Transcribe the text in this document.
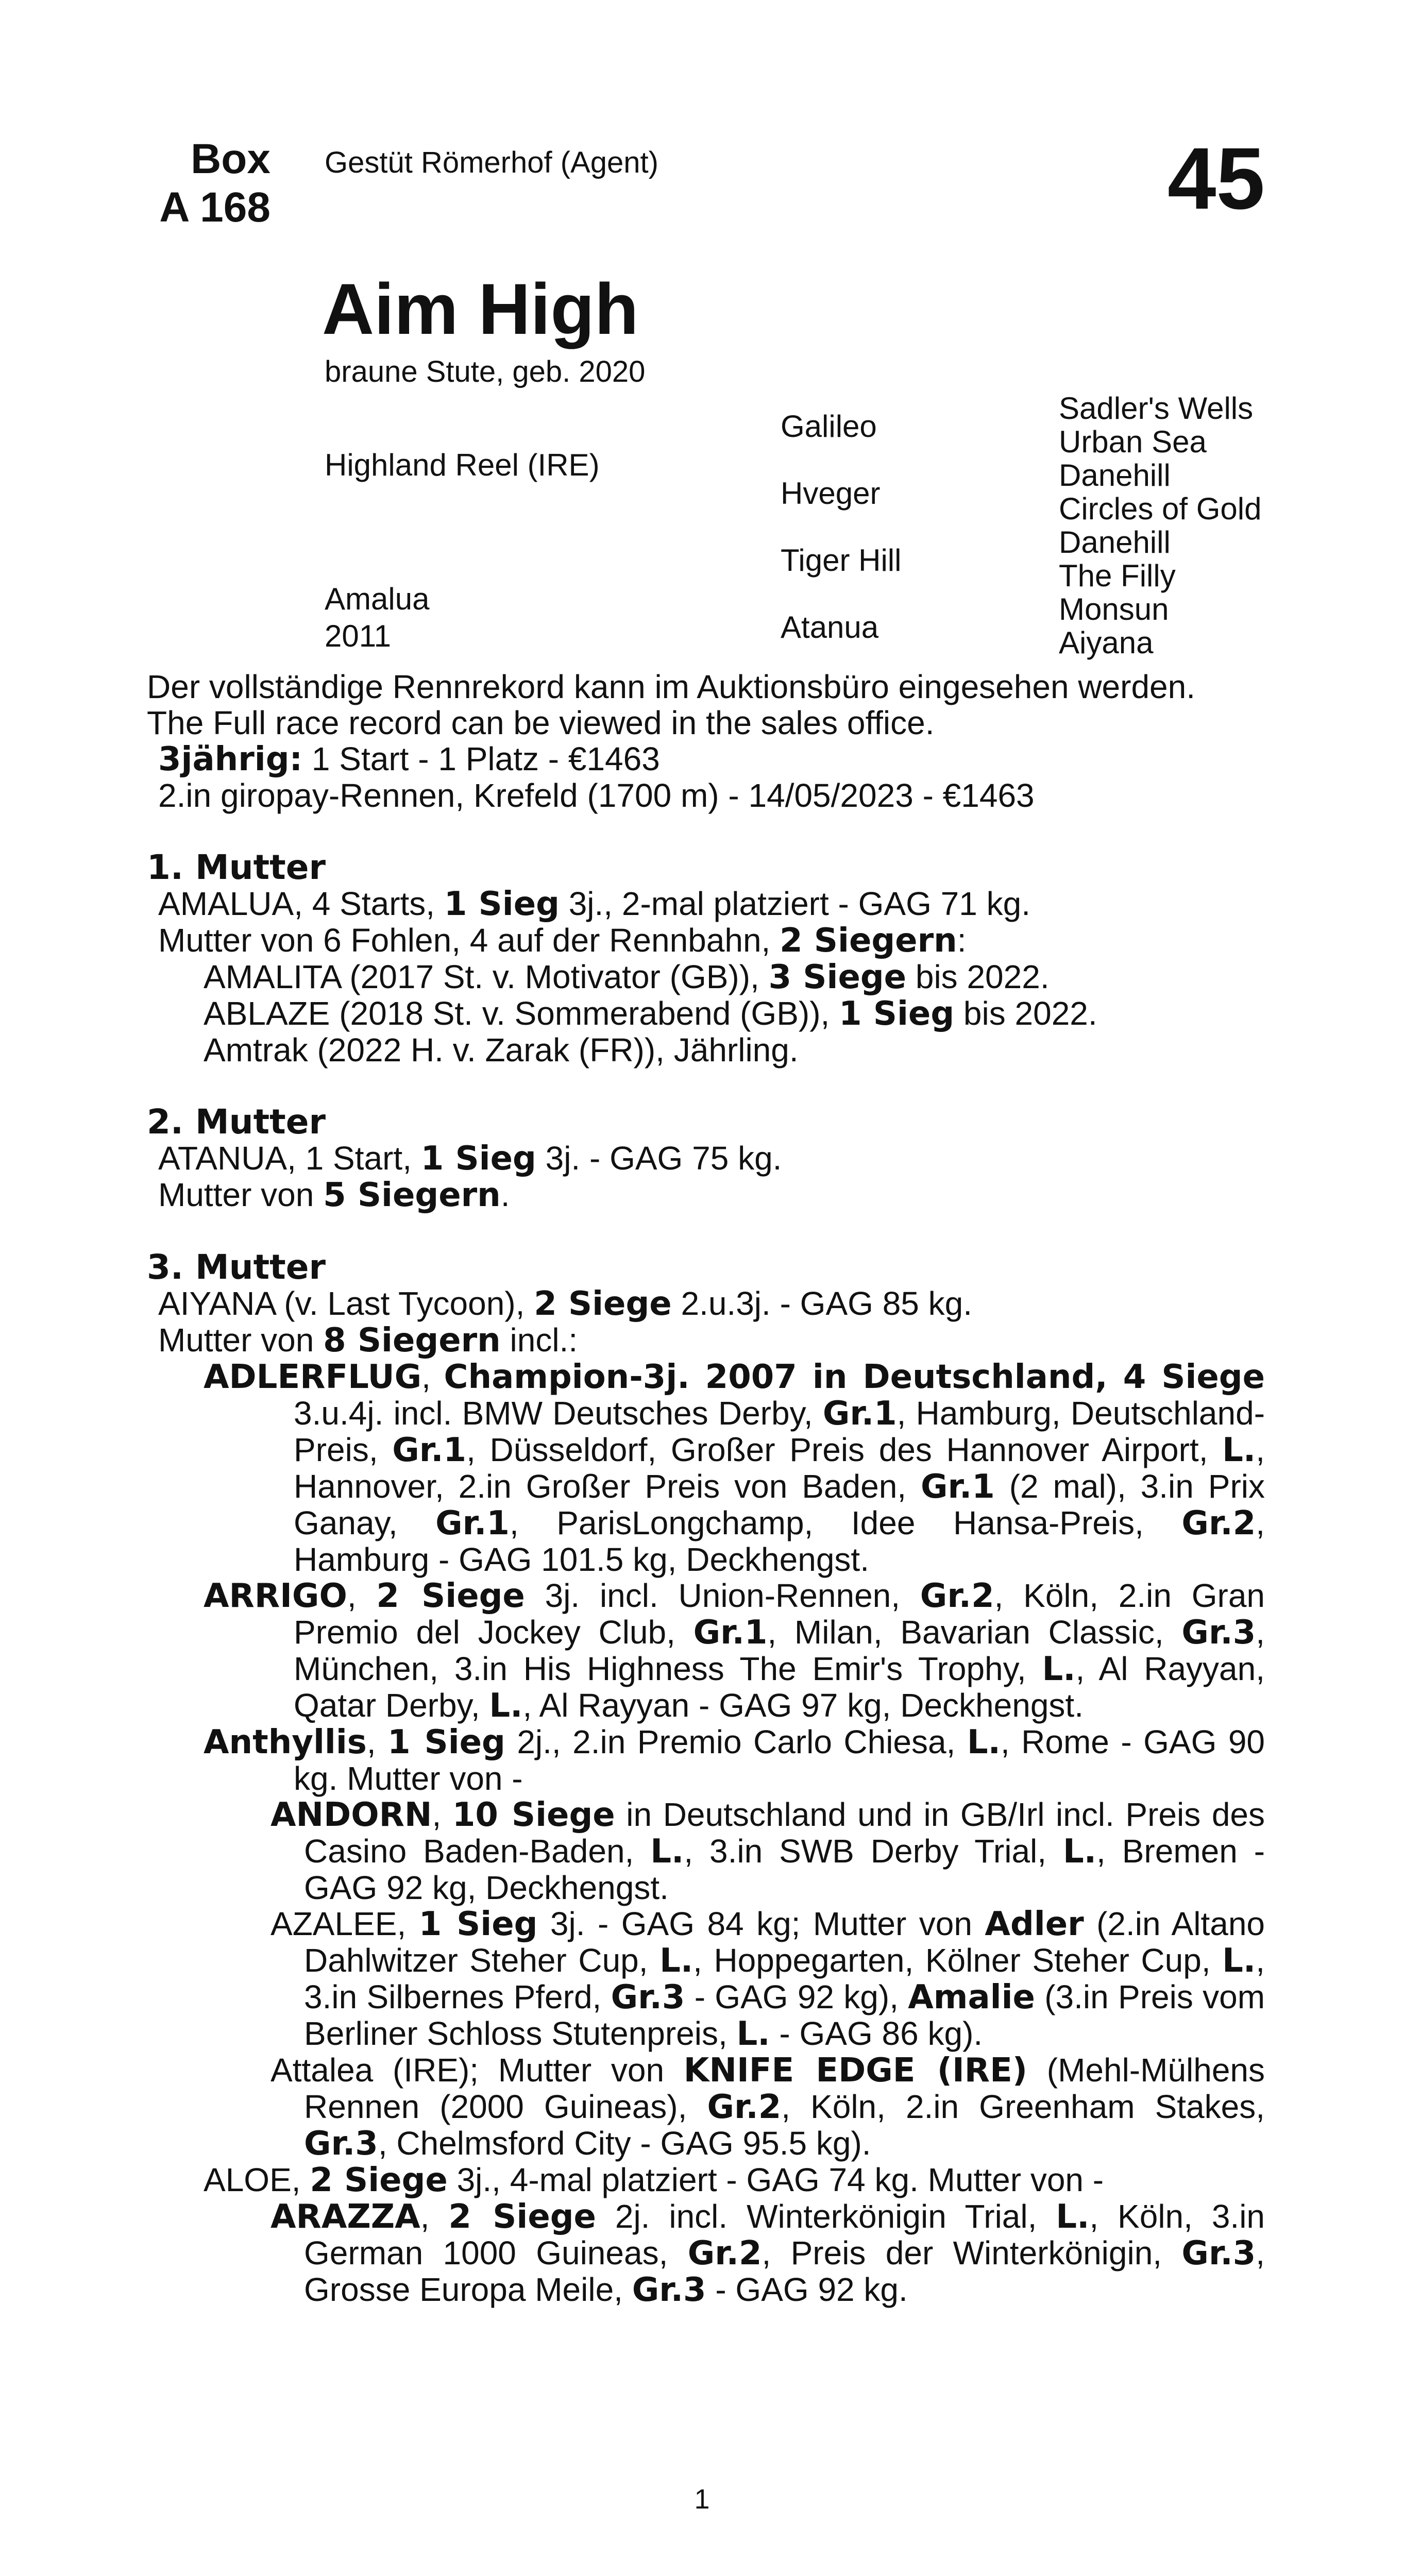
Box
A 168
Gestüt Römerhof (Agent)	45
Aim High
braune Stute, geb. 2020
Highland Reel (IRE)
Amalua
2011
Galileo
Hveger
Tiger Hill
Atanua
Sadler's Wells
Urban Sea
Danehill
Circles of Gold
Danehill
The Filly
Monsun
Aiyana

Der vollständige Rennrekord kann im Auktionsbüro eingesehen werden.

The Full race record can be viewed in the sales office.

3jährig: 1 Start - 1 Platz - €1463

2.in giropay-Rennen, Krefeld (1700 m) - 14/05/2023 - €1463

1. Mutter

AMALUA, 4 Starts, 1 Sieg 3j., 2-mal platziert - GAG 71 kg.

Mutter von 6 Fohlen, 4 auf der Rennbahn, 2 Siegern:

AMALITA (2017 St. v. Motivator (GB)), 3 Siege bis 2022.

ABLAZE (2018 St. v. Sommerabend (GB)), 1 Sieg bis 2022.

Amtrak (2022 H. v. Zarak (FR)), Jährling.

2. Mutter

ATANUA, 1 Start, 1 Sieg 3j. - GAG 75 kg.

Mutter von 5 Siegern.

3. Mutter

AIYANA (v. Last Tycoon), 2 Siege 2.u.3j. - GAG 85 kg.

Mutter von 8 Siegern incl.:

ADLERFLUG, Champion-3j. 2007 in Deutschland, 4 Siege 3.u.4j. incl. BMW Deutsches Derby, Gr.1, Hamburg, Deutschland-Preis, Gr.1, Düsseldorf, Großer Preis des Hannover Airport, L., Hannover, 2.in Großer Preis von Baden, Gr.1 (2 mal), 3.in Prix Ganay, Gr.1, ParisLongchamp, Idee Hansa-Preis, Gr.2, Hamburg - GAG 101.5 kg, Deckhengst.

ARRIGO, 2 Siege 3j. incl. Union-Rennen, Gr.2, Köln, 2.in Gran Premio del Jockey Club, Gr.1, Milan, Bavarian Classic, Gr.3, München, 3.in His Highness The Emir's Trophy, L., Al Rayyan, Qatar Derby, L., Al Rayyan - GAG 97 kg, Deckhengst.

Anthyllis, 1 Sieg 2j., 2.in Premio Carlo Chiesa, L., Rome - GAG 90 kg. Mutter von -

ANDORN, 10 Siege in Deutschland und in GB/Irl incl. Preis des Casino Baden-Baden, L., 3.in SWB Derby Trial, L., Bremen - GAG 92 kg, Deckhengst.

AZALEE, 1 Sieg 3j. - GAG 84 kg; Mutter von Adler (2.in Altano Dahlwitzer Steher Cup, L., Hoppegarten, Kölner Steher Cup, L., 3.in Silbernes Pferd, Gr.3 - GAG 92 kg), Amalie (3.in Preis vom Berliner Schloss Stutenpreis, L. - GAG 86 kg).

Attalea (IRE); Mutter von KNIFE EDGE (IRE) (Mehl-Mülhens Rennen (2000 Guineas), Gr.2, Köln, 2.in Greenham Stakes, Gr.3, Chelmsford City - GAG 95.5 kg).

ALOE, 2 Siege 3j., 4-mal platziert - GAG 74 kg. Mutter von -

ARAZZA, 2 Siege 2j. incl. Winterkönigin Trial, L., Köln, 3.in German 1000 Guineas, Gr.2, Preis der Winterkönigin, Gr.3, Grosse Europa Meile, Gr.3 - GAG 92 kg.

1
